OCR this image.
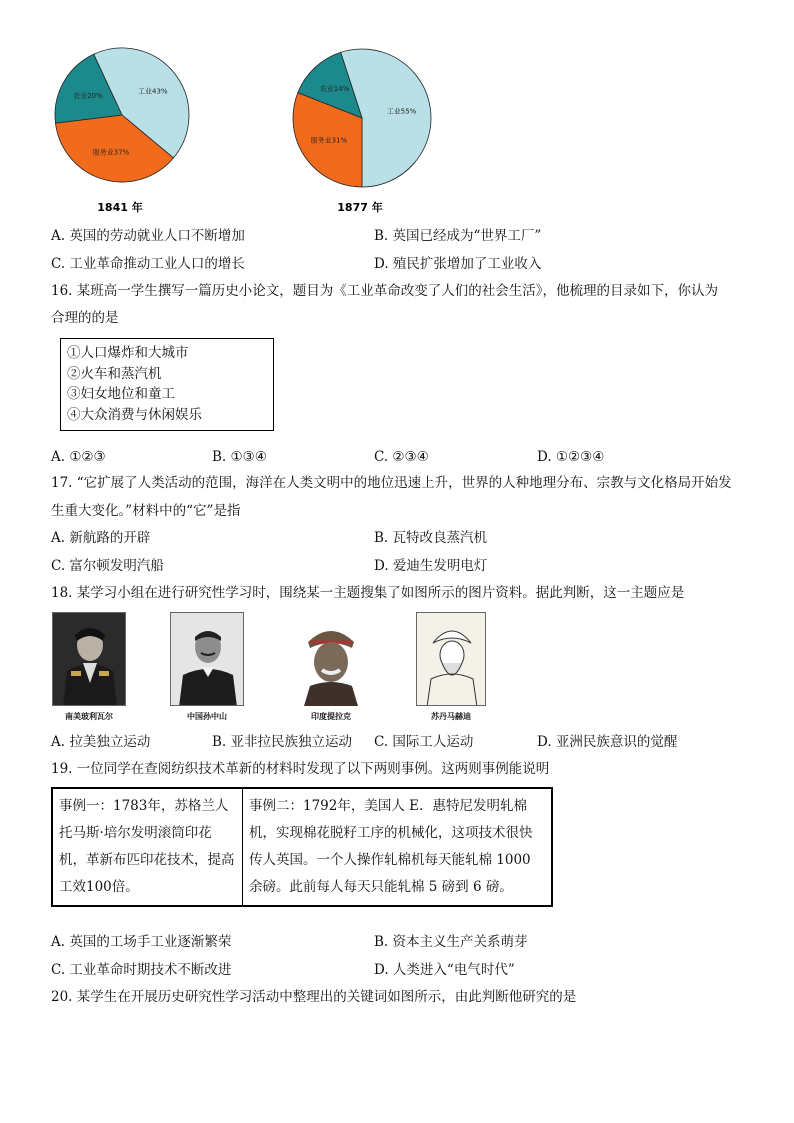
工业43%
服务业37%
农业20%
工业55%
服务业31%
农业14%
1841 年	1877 年
A. 英国的劳动就业人口不断增加	B. 英国已经成为“世界工厂”
C. 工业革命推动工业人口的增长	D. 殖民扩张增加了工业收入
16. 某班高一学生撰写一篇历史小论文，题目为《工业革命改变了人们的社会生活》，他梳理的目录如下，你认为
合理的的是
①人口爆炸和大城市
②火车和蒸汽机
③妇女地位和童工
④大众消费与休闲娱乐
A. ①②③	B. ①③④	C. ②③④	D. ①②③④
17. “它扩展了人类活动的范围，海洋在人类文明中的地位迅速上升，世界的人种地理分布、宗教与文化格局开始发
生重大变化。”材料中的“它”是指
A. 新航路的开辟	B. 瓦特改良蒸汽机
C. 富尔顿发明汽船	D. 爱迪生发明电灯
18. 某学习小组在进行研究性学习时，围绕某一主题搜集了如图所示的图片资料。据此判断，这一主题应是
南美玻利瓦尔	中国孙中山	印度提拉克	苏丹马赫迪
A. 拉美独立运动	B. 亚非拉民族独立运动 C. 国际工人运动	D. 亚洲民族意识的觉醒
19. 一位同学在查阅纺织技术革新的材料时发现了以下两则事例。这两则事例能说明
事例一：1783年，苏格兰人托马斯·培尔发明滚筒印花机，革新布匹印花技术，提高工效100倍。
事例二：1792年，美国人 E．惠特尼发明轧棉机，实现棉花脱籽工序的机械化，这项技术很快传人英国。一个人操作轧棉机每天能轧棉 1000 余磅。此前每人每天只能轧棉 5 磅到 6 磅。
A. 英国的工场手工业逐渐繁荣	B. 资本主义生产关系萌芽
C. 工业革命时期技术不断改进	D. 人类进入“电气时代”
20. 某学生在开展历史研究性学习活动中整理出的关键词如图所示，由此判断他研究的是
